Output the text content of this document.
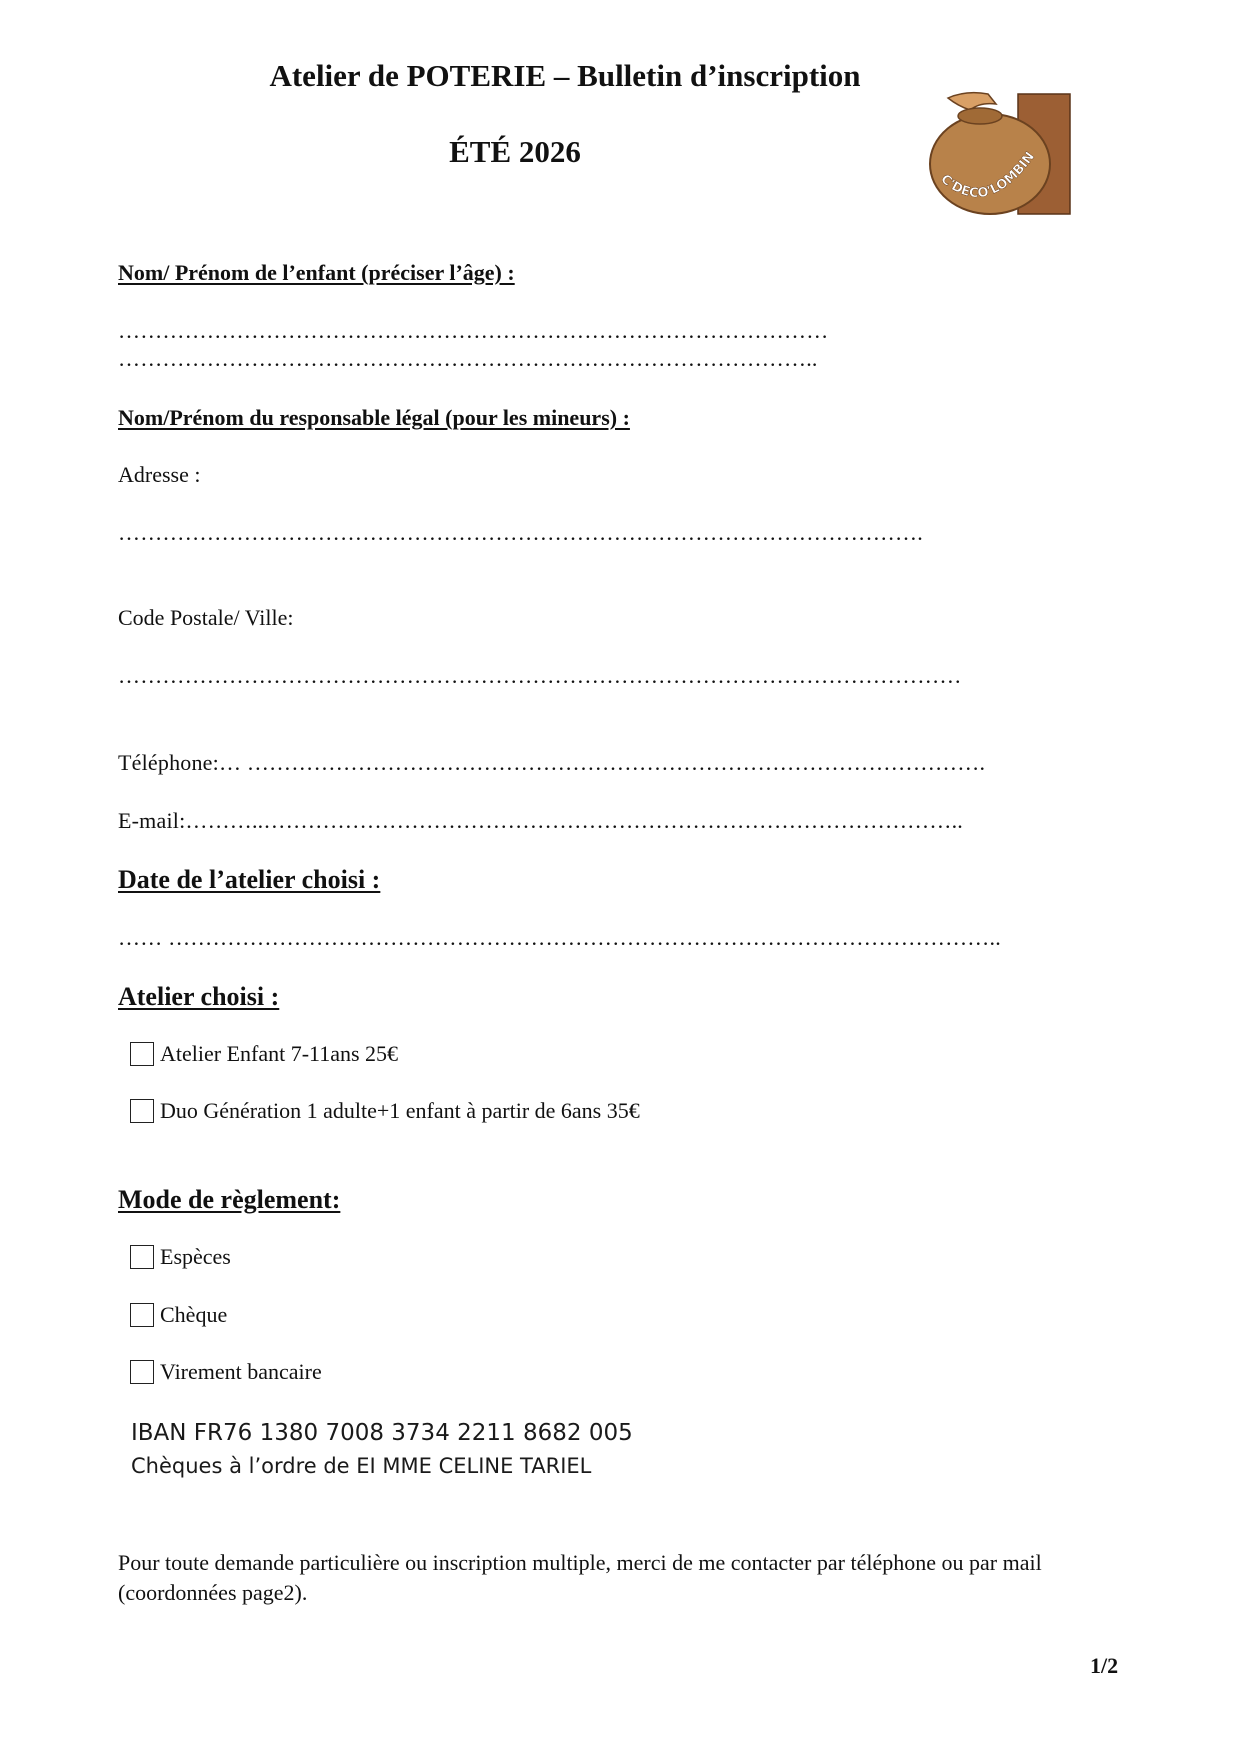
Atelier de POTERIE – Bulletin d’inscription
ÉTÉ 2026
C'DECO'LOMBIN
Nom/ Prénom de l’enfant (préciser l’âge) :
……………………………………………………………………………………
…………………………………………………………………………………..
Nom/Prénom du responsable légal (pour les mineurs) :
Adresse :
……………………………………………………………………………………………….
Code Postale/ Ville:
……………………………………………………………………………………………………
Téléphone:… ……………………………………………………………………………………….
E-mail:………..…………………………………………………………………………………..
Date de l’atelier choisi :
…… …………………………………………………………………………………………………..
Atelier choisi :
Atelier Enfant 7-11ans 25€
Duo Génération 1 adulte+1 enfant à partir de 6ans 35€
Mode de règlement:
Espèces
Chèque
Virement bancaire
IBAN FR76 1380 7008 3734 2211 8682 005
Chèques à l’ordre de EI MME CELINE TARIEL
Pour toute demande particulière ou inscription multiple, merci de me contacter par téléphone ou par mail (coordonnées page2).
1/2
